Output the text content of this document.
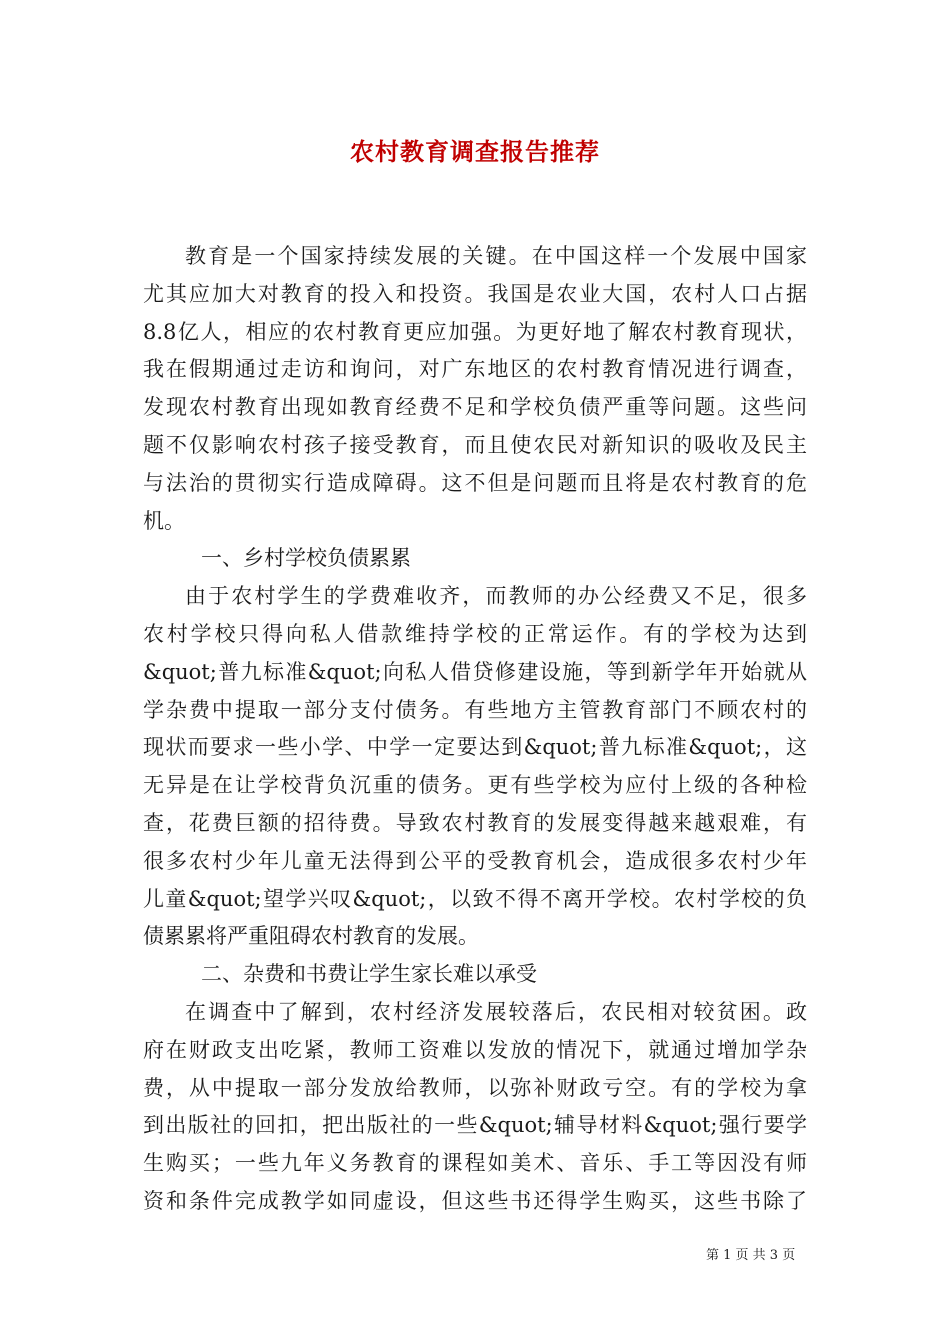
农村教育调查报告推荐
教育是一个国家持续发展的关键。在中国这样一个发展中国家
尤其应加大对教育的投入和投资。我国是农业大国，农村人口占据
8.8亿人，相应的农村教育更应加强。为更好地了解农村教育现状，
我在假期通过走访和询问，对广东地区的农村教育情况进行调查，
发现农村教育出现如教育经费不足和学校负债严重等问题。这些问
题不仅影响农村孩子接受教育，而且使农民对新知识的吸收及民主
与法治的贯彻实行造成障碍。这不但是问题而且将是农村教育的危
机。
一、乡村学校负债累累
由于农村学生的学费难收齐，而教师的办公经费又不足，很多
农村学校只得向私人借款维持学校的正常运作。有的学校为达到
&quot;普九标准&quot;向私人借贷修建设施，等到新学年开始就从
学杂费中提取一部分支付债务。有些地方主管教育部门不顾农村的
现状而要求一些小学、中学一定要达到&quot;普九标准&quot;，这
无异是在让学校背负沉重的债务。更有些学校为应付上级的各种检
查，花费巨额的招待费。导致农村教育的发展变得越来越艰难，有
很多农村少年儿童无法得到公平的受教育机会，造成很多农村少年
儿童&quot;望学兴叹&quot;，以致不得不离开学校。农村学校的负
债累累将严重阻碍农村教育的发展。
二、杂费和书费让学生家长难以承受
在调查中了解到，农村经济发展较落后，农民相对较贫困。政
府在财政支出吃紧，教师工资难以发放的情况下，就通过增加学杂
费，从中提取一部分发放给教师，以弥补财政亏空。有的学校为拿
到出版社的回扣，把出版社的一些&quot;辅导材料&quot;强行要学
生购买；一些九年义务教育的课程如美术、音乐、手工等因没有师
资和条件完成教学如同虚设，但这些书还得学生购买，这些书除了
第 1 页 共 3 页
